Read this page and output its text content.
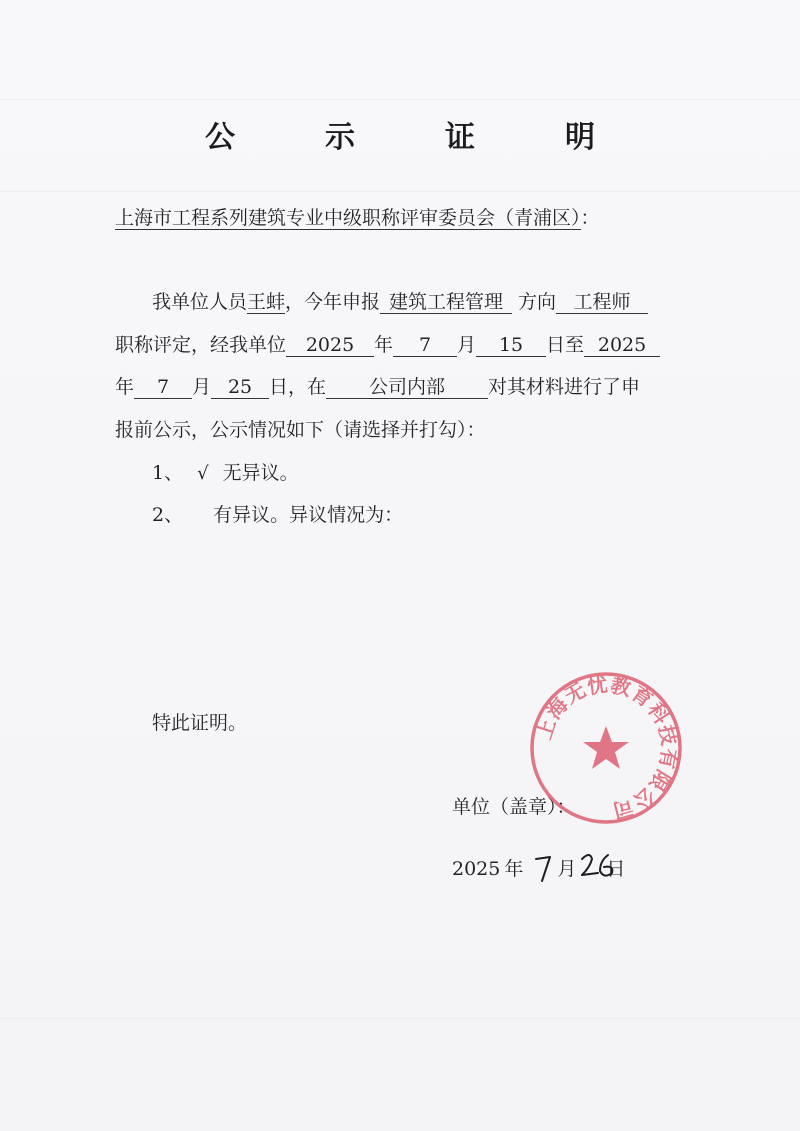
公　示　证　明
上海市工程系列建筑专业中级职称评审委员会（青浦区）：
我单位人员王蚌，今年申报 建筑工程管理 方向 工程师
职称评定，经我单位 2025 年 7 月 15 日至 2025
年 7 月 25 日，在 公司内部 对其材料进行了申
报前公示，公示情况如下（请选择并打勾）：
1、 √ 无异议。
2、 有异议。异议情况为：
特此证明。
单位（盖章）：
2025 年 月 日
上海无忧教育科技有限公司
